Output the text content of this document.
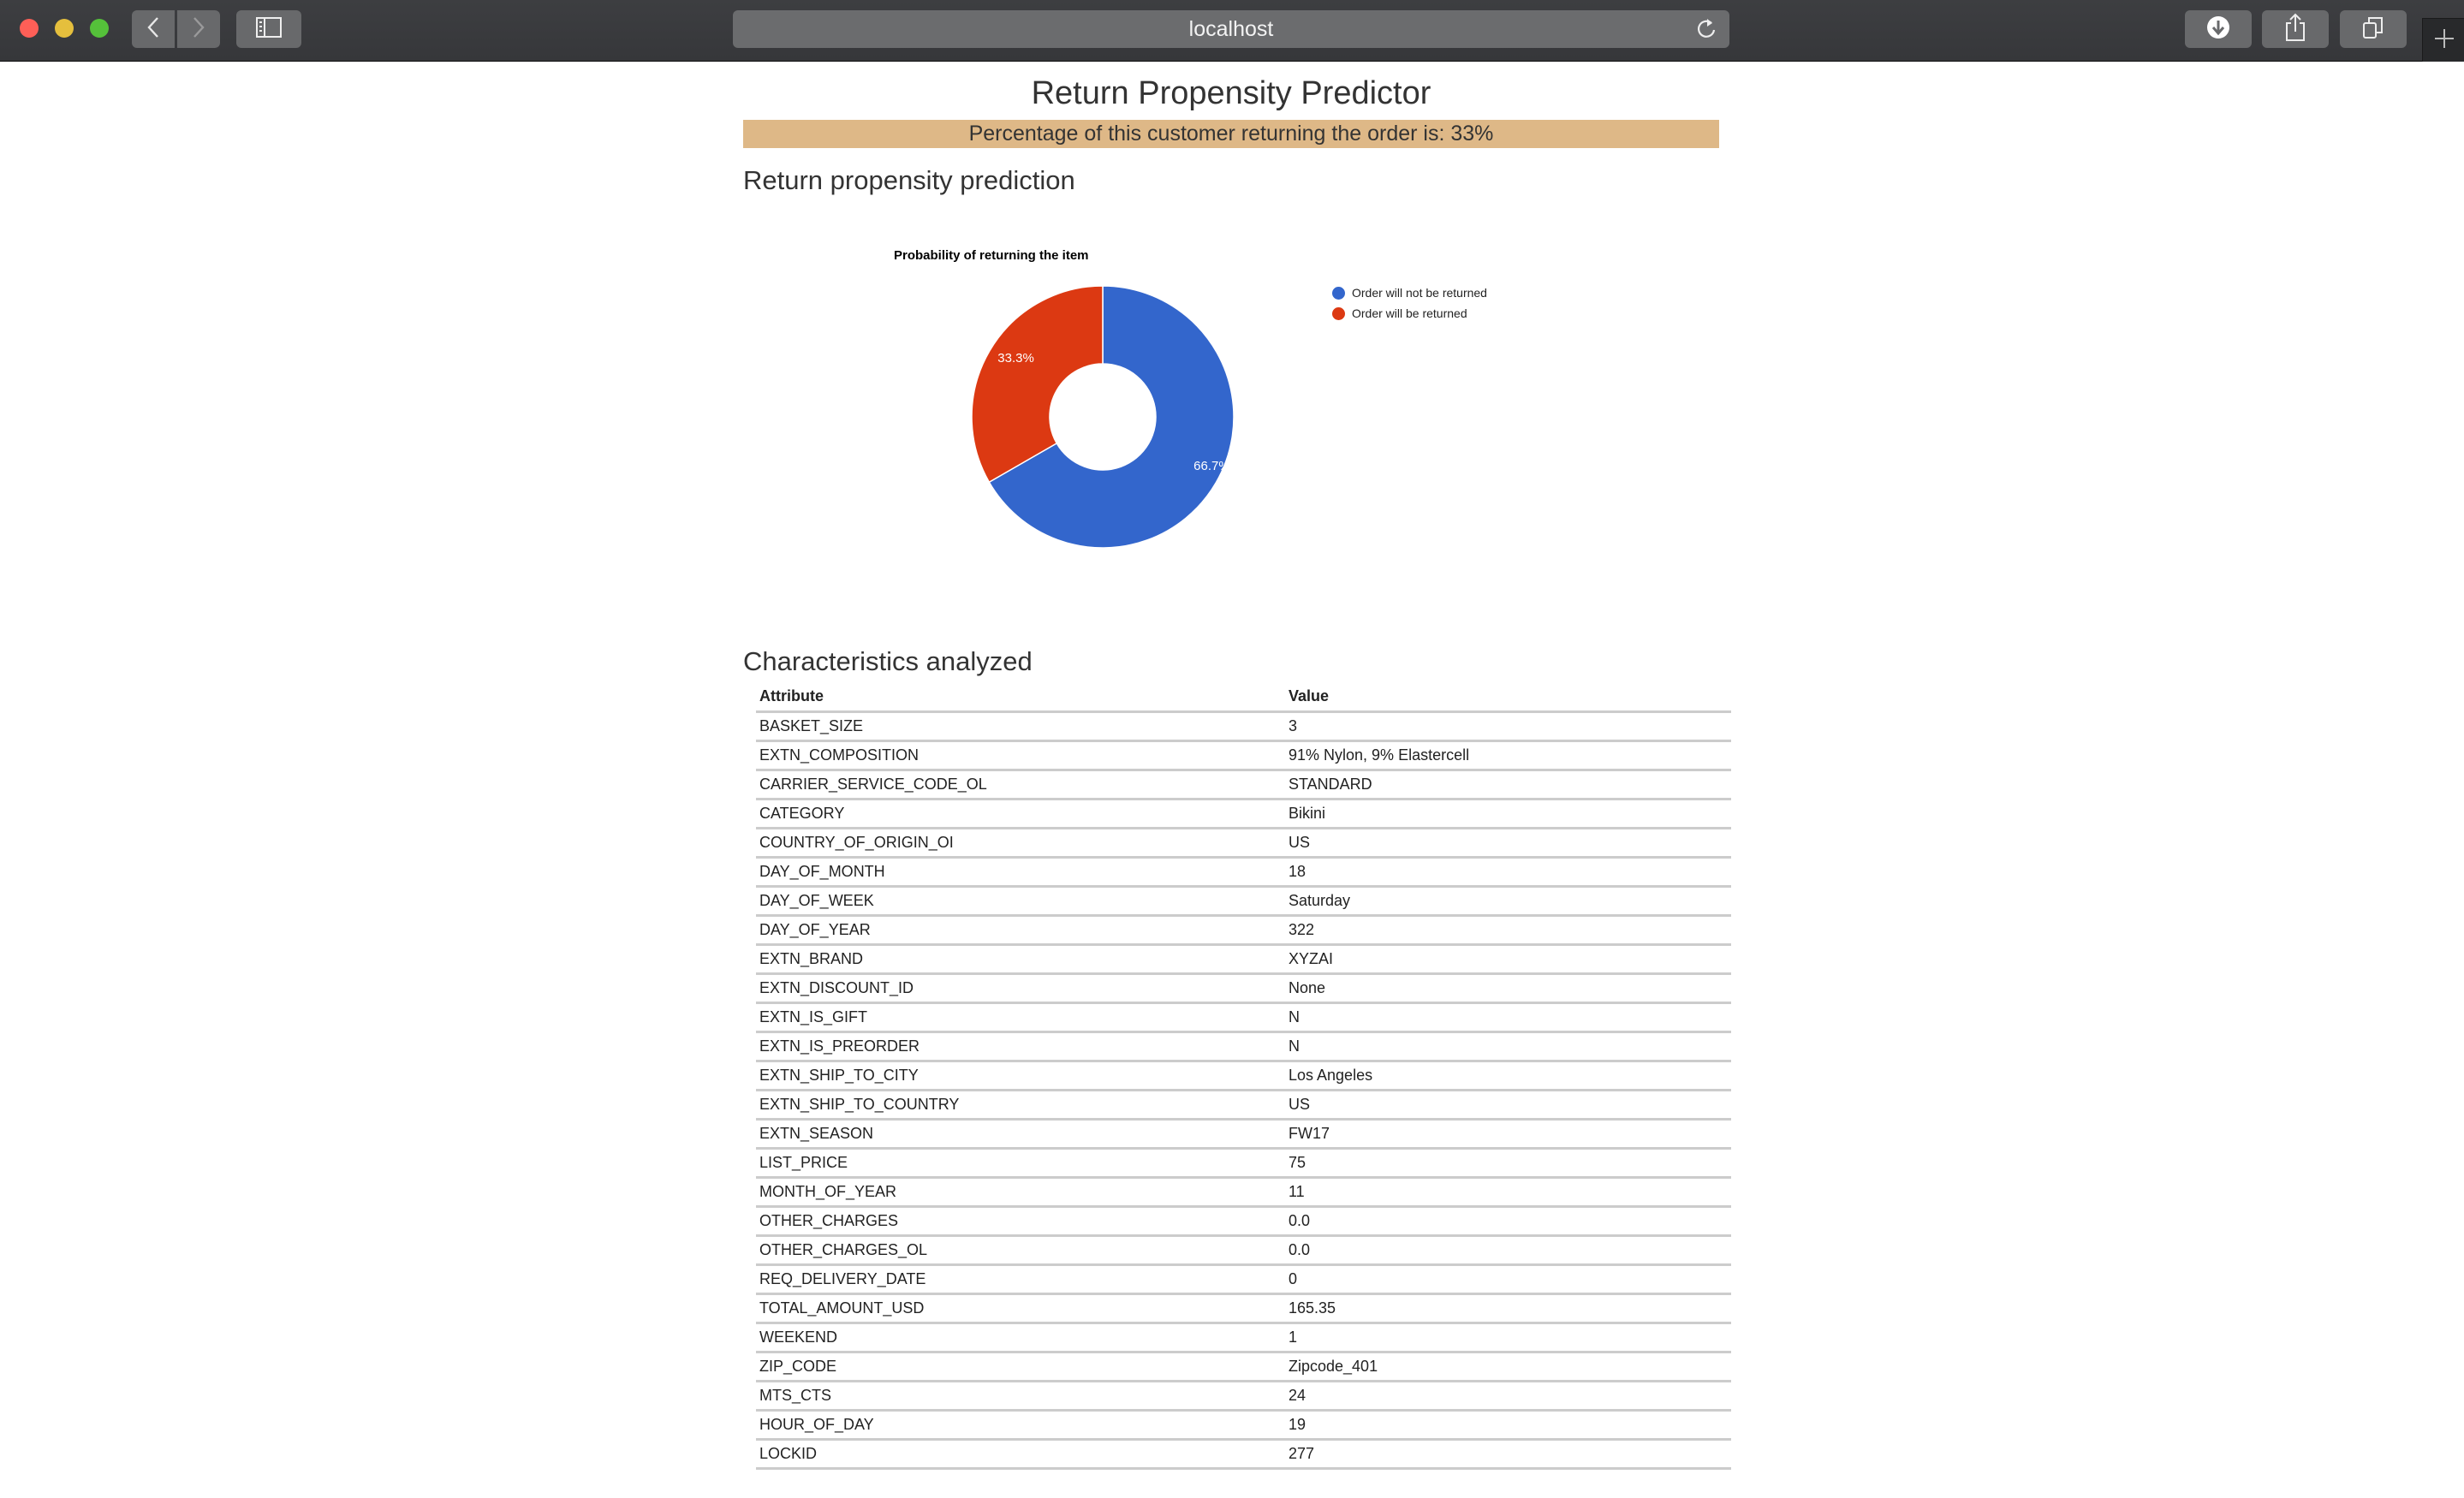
localhost
Return Propensity Predictor
Percentage of this customer returning the order is: 33%
Return propensity prediction
Probability of returning the item
66.7%
33.3%
Order will not be returned
Order will be returned
Characteristics analyzed
Attribute	Value
BASKET_SIZE	3
EXTN_COMPOSITION	91% Nylon, 9% Elastercell
CARRIER_SERVICE_CODE_OL	STANDARD
CATEGORY	Bikini
COUNTRY_OF_ORIGIN_OI	US
DAY_OF_MONTH	18
DAY_OF_WEEK	Saturday
DAY_OF_YEAR	322
EXTN_BRAND	XYZAI
EXTN_DISCOUNT_ID	None
EXTN_IS_GIFT	N
EXTN_IS_PREORDER	N
EXTN_SHIP_TO_CITY	Los Angeles
EXTN_SHIP_TO_COUNTRY	US
EXTN_SEASON	FW17
LIST_PRICE	75
MONTH_OF_YEAR	11
OTHER_CHARGES	0.0
OTHER_CHARGES_OL	0.0
REQ_DELIVERY_DATE	0
TOTAL_AMOUNT_USD	165.35
WEEKEND	1
ZIP_CODE	Zipcode_401
MTS_CTS	24
HOUR_OF_DAY	19
LOCKID	277
